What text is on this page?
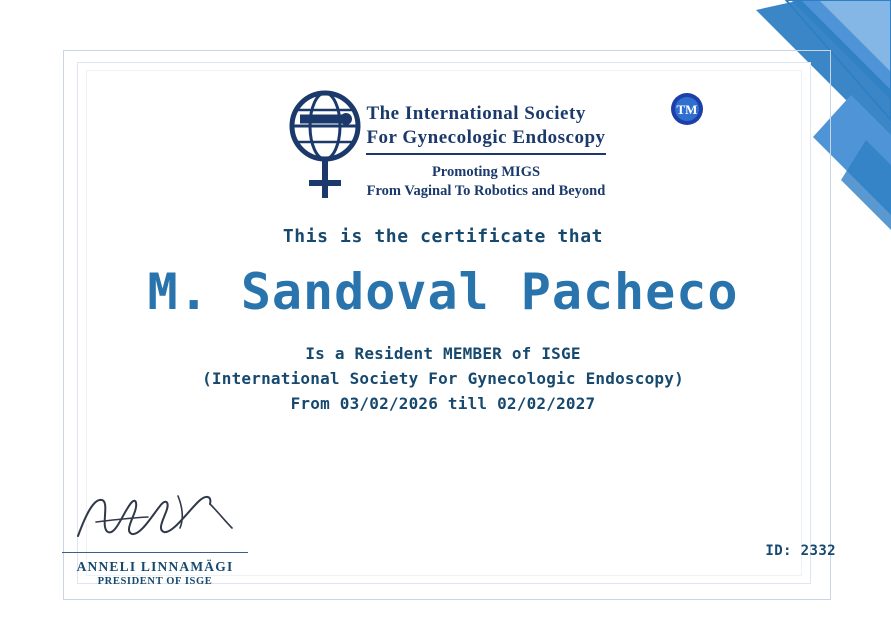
The International Society
For Gynecologic Endoscopy
Promoting MIGS
From Vaginal To Robotics and Beyond
TM
This is the certificate that
M. Sandoval Pacheco
Is a Resident MEMBER of ISGE
(International Society For Gynecologic Endoscopy)
From 03/02/2026 till 02/02/2027
ANNELI LINNAMÄGI
PRESIDENT OF ISGE
ID: 2332
